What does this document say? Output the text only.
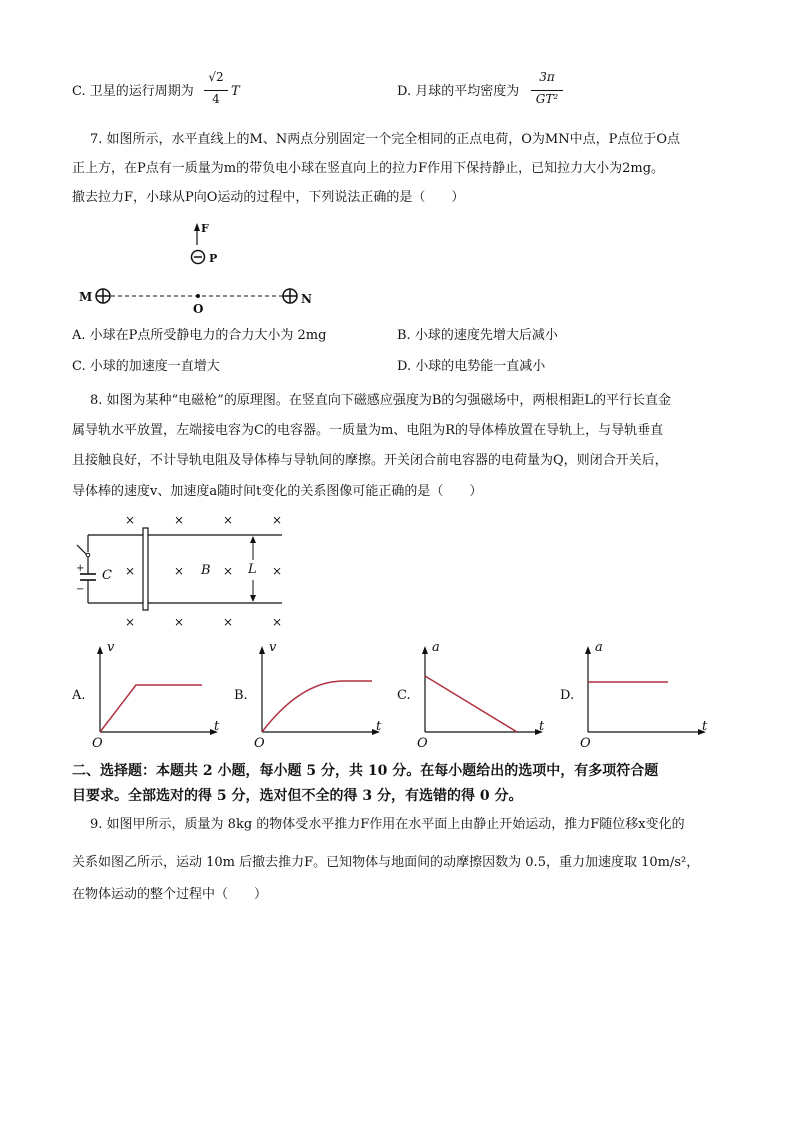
C. 卫星的运行周期为
√2
4 T	D. 月球的平均密度为
3π
GT²
7. 如图所示，水平直线上的M、N两点分别固定一个完全相同的正点电荷，O为MN中点，P点位于O点
正上方，在P点有一质量为m的带负电小球在竖直向上的拉力F作用下保持静止，已知拉力大小为2mg。
撤去拉力F，小球从P向O运动的过程中，下列说法正确的是（　　）
F
P
M
O
N
A. 小球在P点所受静电力的合力大小为 2mg	B. 小球的速度先增大后减小
C. 小球的加速度一直增大	D. 小球的电势能一直减小
8. 如图为某种“电磁枪”的原理图。在竖直向下磁感应强度为B的匀强磁场中，两根相距L的平行长直金
属导轨水平放置，左端接电容为C的电容器。一质量为m、电阻为R的导体棒放置在导轨上，与导轨垂直
且接触良好，不计导轨电阻及导体棒与导轨间的摩擦。开关闭合前电容器的电荷量为Q，则闭合开关后，
导体棒的速度v、加速度a随时间t变化的关系图像可能正确的是（　　）
×	×	×	×
×	×	×	×
×	×	×	×
+
−
C	B	L
A.
v
t
O
B.
v
t
O
C.
a
t
O
D.
a
t
O
二、选择题：本题共 2 小题，每小题 5 分，共 10 分。在每小题给出的选项中，有多项符合题
目要求。全部选对的得 5 分，选对但不全的得 3 分，有选错的得 0 分。
9. 如图甲所示，质量为 8kg 的物体受水平推力F作用在水平面上由静止开始运动，推力F随位移x变化的
关系如图乙所示，运动 10m 后撤去推力F。已知物体与地面间的动摩擦因数为 0.5，重力加速度取 10m/s²，
在物体运动的整个过程中（　　）
